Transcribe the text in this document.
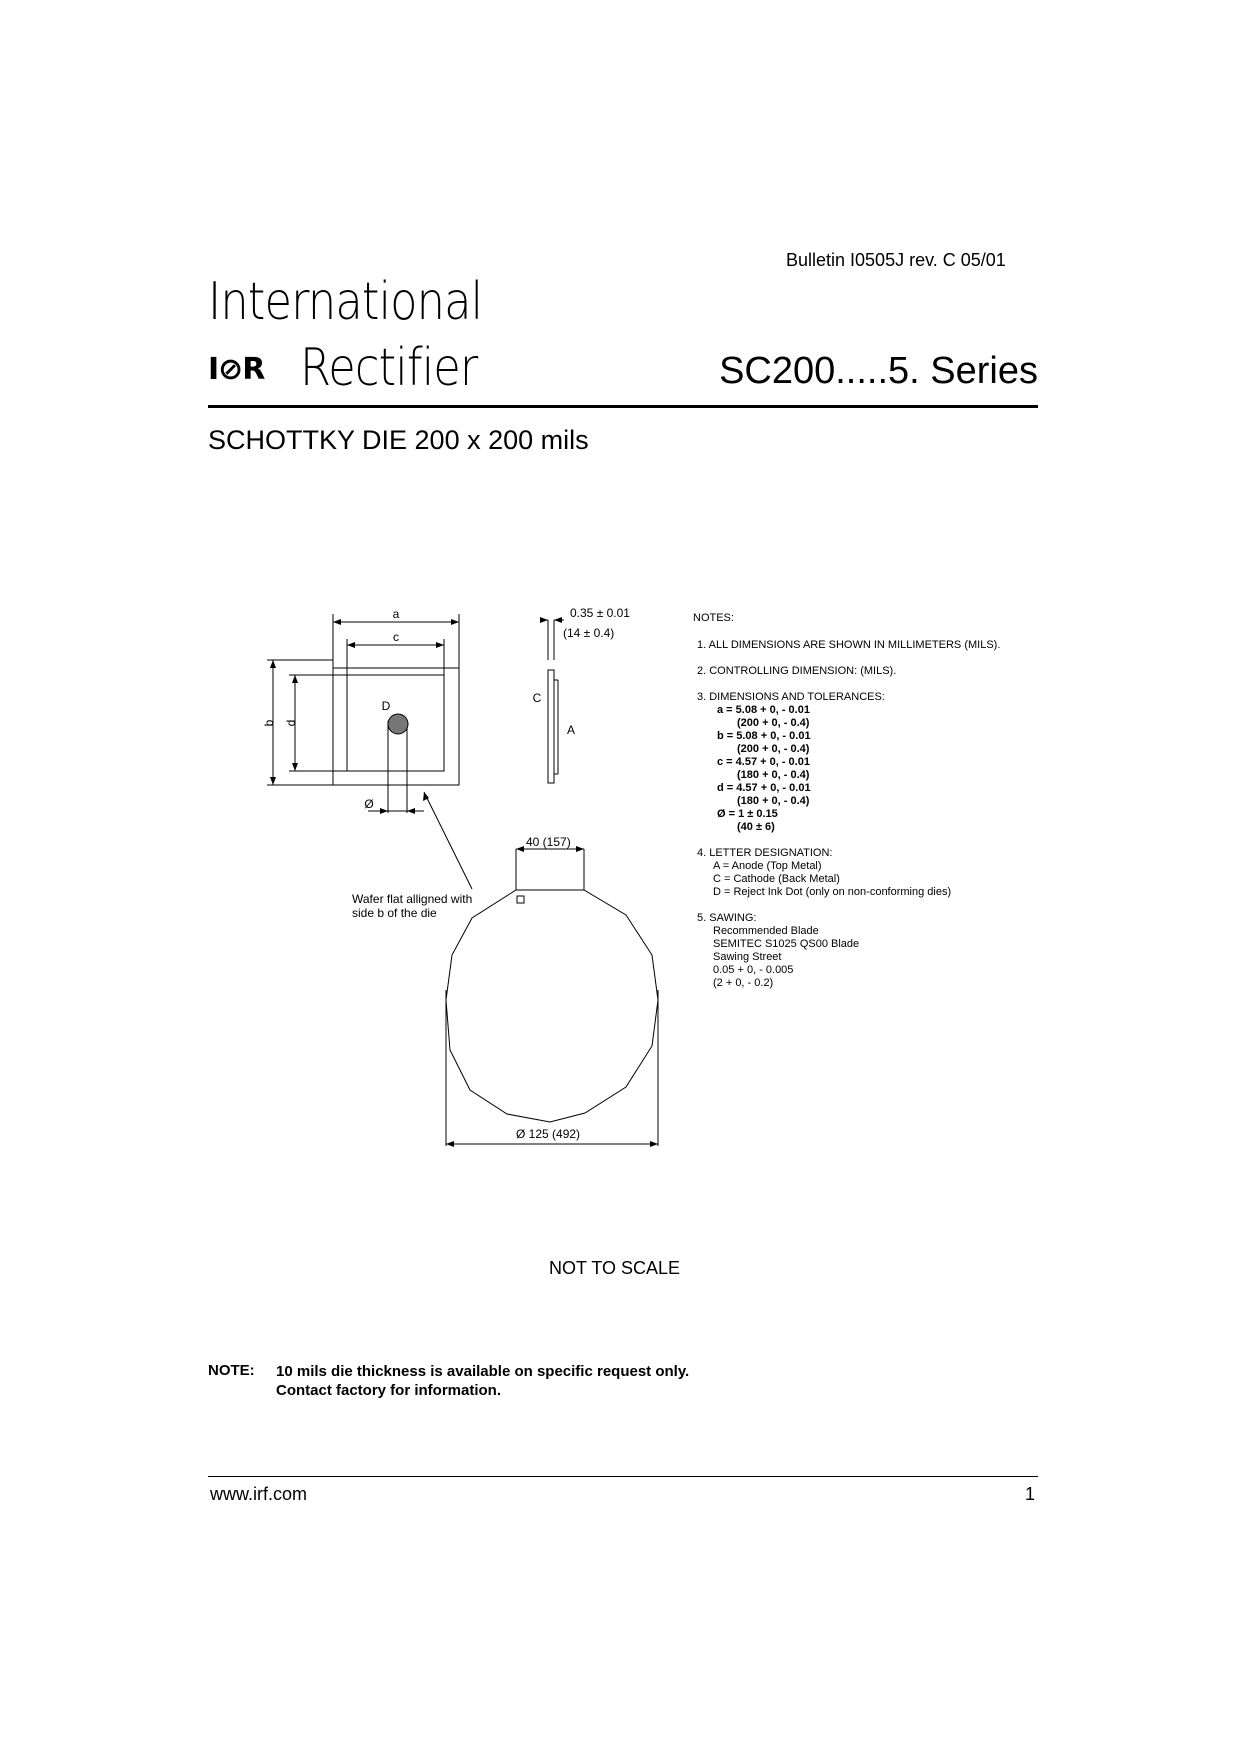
Bulletin I0505J rev. C 05/01
International
I⊘R Rectifier	SC200.....5. Series
SCHOTTKY DIE 200 x 200 mils
a
c
b d
D
Ø
C
A
0.35 ± 0.01
(14 ± 0.4)
40 (157)
Wafer flat alligned with
side b of the die
Ø 125 (492)
NOTES:
1. ALL DIMENSIONS ARE SHOWN IN MILLIMETERS (MILS).
2. CONTROLLING DIMENSION: (MILS).
3. DIMENSIONS AND TOLERANCES:
a = 5.08 + 0, - 0.01
(200 + 0, - 0.4)
b = 5.08 + 0, - 0.01
(200 + 0, - 0.4)
c = 4.57 + 0, - 0.01
(180 + 0, - 0.4)
d = 4.57 + 0, - 0.01
(180 + 0, - 0.4)
Ø = 1 ± 0.15
(40 ± 6)
4. LETTER DESIGNATION:
A = Anode (Top Metal)
C = Cathode (Back Metal)
D = Reject Ink Dot (only on non-conforming dies)
5. SAWING:
Recommended Blade
SEMITEC S1025 QS00 Blade
Sawing Street
0.05 + 0, - 0.005
(2 + 0, - 0.2)
NOT TO SCALE
NOTE: 10 mils die thickness is available on specific request only.
Contact factory for information.
www.irf.com	1
